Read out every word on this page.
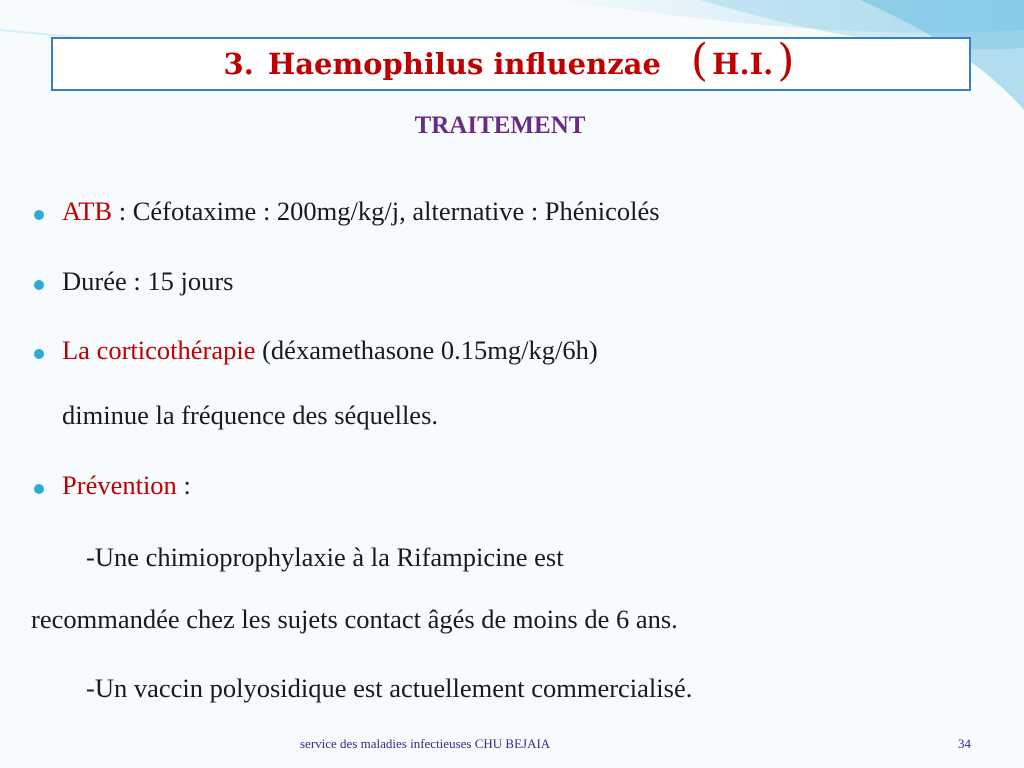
3. Haemophilus influenzae ( H.I. )
TRAITEMENT
ATB : Céfotaxime : 200mg/kg/j, alternative : Phénicolés
Durée : 15 jours
La corticothérapie (déxamethasone 0.15mg/kg/6h)
diminue la fréquence des séquelles.
Prévention :
-Une chimioprophylaxie à la Rifampicine est
recommandée chez les sujets contact âgés de moins de 6 ans.
-Un vaccin polyosidique est actuellement commercialisé.
service des maladies infectieuses CHU BEJAIA	34
